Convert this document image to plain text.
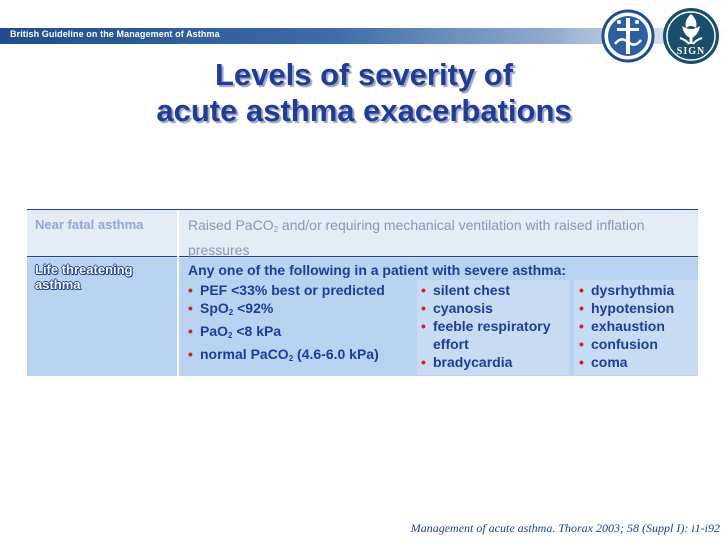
British Guideline on the Management of Asthma
SIGN
Levels of severity of
acute asthma exacerbations
Near fatal asthma	Raised PaCO$_2$ and/or requiring mechanical ventilation with raised inflation pressures
Life threatening asthma
Any one of the following in a patient with severe asthma:
• PEF <33% best or predicted
• SpO$_2$ <92%
• PaO$_2$ <8 kPa
• normal PaCO$_2$ (4.6-6.0 kPa)
• silent chest
• cyanosis
• feeble respiratory effort
• bradycardia
• dysrhythmia
• hypotension
• exhaustion
• confusion
• coma
Management of acute asthma. Thorax 2003; 58 (Suppl I): i1-i92
